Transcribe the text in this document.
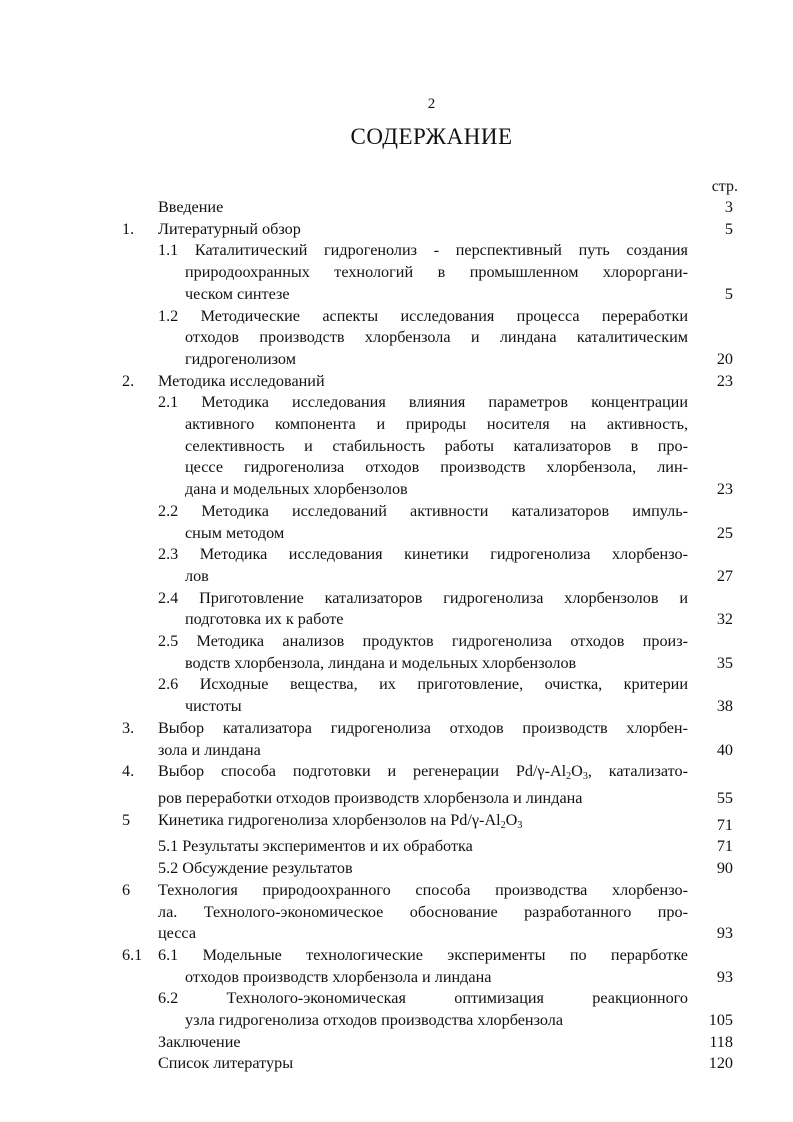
2
СОДЕРЖАНИЕ
стр.
Введение	3
1. Литературный обзор	5
1.1 Каталитический гидрогенолиз - перспективный путь создания
природоохранных технологий в промышленном хлороргани-
ческом синтезе	5
1.2 Методические аспекты исследования процесса переработки
отходов производств хлорбензола и линдана каталитическим
гидрогенолизом	20
2. Методика исследований	23
2.1 Методика исследования влияния параметров концентрации
активного компонента и природы носителя на активность,
селективность и стабильность работы катализаторов в про-
цессе гидрогенолиза отходов производств хлорбензола, лин-
дана и модельных хлорбензолов	23
2.2 Методика исследований активности катализаторов импуль-
сным методом	25
2.3 Методика исследования кинетики гидрогенолиза хлорбензо-
лов	27
2.4 Приготовление катализаторов гидрогенолиза хлорбензолов и
подготовка их к работе	32
2.5 Методика анализов продуктов гидрогенолиза отходов произ-
водств хлорбензола, линдана и модельных хлорбензолов	35
2.6 Исходные вещества, их приготовление, очистка, критерии
чистоты	38
3. Выбор катализатора гидрогенолиза отходов производств хлорбен-
зола и линдана	40
4. Выбор способа подготовки и регенерации $Pd/\gamma-Al_2O_3$, катализато-
ров переработки отходов производств хлорбензола и линдана	55
5 Кинетика гидрогенолиза хлорбензолов на $Pd/\gamma-Al_2O_3$	71
5.1 Результаты экспериментов и их обработка	71
5.2 Обсуждение результатов	90
6 Технология природоохранного способа производства хлорбензо-
ла. Технолого-экономическое обоснование разработанного про-
цесса	93
6.1 6.1 Модельные технологические эксперименты по перарботке
отходов производств хлорбензола и линдана	93
6.2 Технолого-экономическая оптимизация реакционного
узла гидрогенолиза отходов производства хлорбензола	105
Заключение	118
Список литературы	120
